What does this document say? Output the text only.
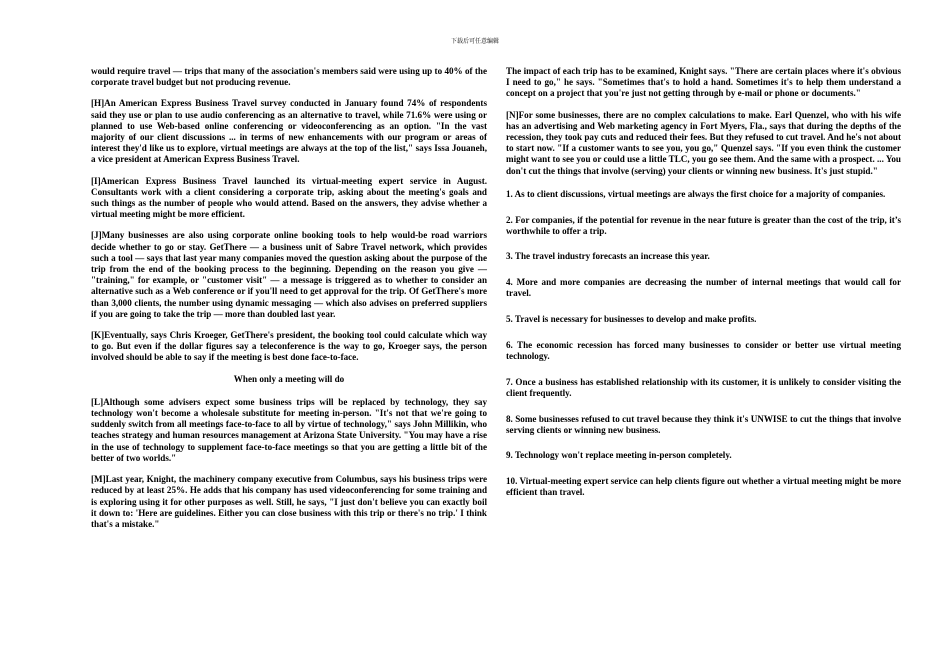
下载后可任意编辑

would require travel — trips that many of the association's members said were using up to 40% of the corporate travel budget but not producing revenue.

[H]An American Express Business Travel survey conducted in January found 74% of respondents said they use or plan to use audio conferencing as an alternative to travel, while 71.6% were using or planned to use Web-based online conferencing or videoconferencing as an option. "In the vast majority of our client discussions ... in terms of new enhancements with our program or areas of interest they'd like us to explore, virtual meetings are always at the top of the list," says Issa Jouaneh, a vice president at American Express Business Travel.

[I]American Express Business Travel launched its virtual-meeting expert service in August. Consultants work with a client considering a corporate trip, asking about the meeting's goals and such things as the number of people who would attend. Based on the answers, they advise whether a virtual meeting might be more efficient.

[J]Many businesses are also using corporate online booking tools to help would-be road warriors decide whether to go or stay. GetThere — a business unit of Sabre Travel network, which provides such a tool — says that last year many companies moved the question asking about the purpose of the trip from the end of the booking process to the beginning. Depending on the reason you give — "training," for example, or "customer visit" — a message is triggered as to whether to consider an alternative such as a Web conference or if you'll need to get approval for the trip. Of GetThere's more than 3,000 clients, the number using dynamic messaging — which also advises on preferred suppliers if you are going to take the trip — more than doubled last year.

[K]Eventually, says Chris Kroeger, GetThere's president, the booking tool could calculate which way to go. But even if the dollar figures say a teleconference is the way to go, Kroeger says, the person involved should be able to say if the meeting is best done face-to-face.

When only a meeting will do

[L]Although some advisers expect some business trips will be replaced by technology, they say technology won't become a wholesale substitute for meeting in-person. "It's not that we're going to suddenly switch from all meetings face-to-face to all by virtue of technology," says John Millikin, who teaches strategy and human resources management at Arizona State University. "You may have a rise in the use of technology to supplement face-to-face meetings so that you are getting a little bit of the better of two worlds."

[M]Last year, Knight, the machinery company executive from Columbus, says his business trips were reduced by at least 25%. He adds that his company has used videoconferencing for some training and is exploring using it for other purposes as well. Still, he says, "I just don't believe you can exactly boil it down to: 'Here are guidelines. Either you can close business with this trip or there's no trip.' I think that's a mistake."

The impact of each trip has to be examined, Knight says. "There are certain places where it's obvious I need to go," he says. "Sometimes that's to hold a hand. Sometimes it's to help them understand a concept on a project that you're just not getting through by e-mail or phone or documents."

[N]For some businesses, there are no complex calculations to make. Earl Quenzel, who with his wife has an advertising and Web marketing agency in Fort Myers, Fla., says that during the depths of the recession, they took pay cuts and reduced their fees. But they refused to cut travel. And he's not about to start now. "If a customer wants to see you, you go," Quenzel says. "If you even think the customer might want to see you or could use a little TLC, you go see them. And the same with a prospect. ... You don't cut the things that involve (serving) your clients or winning new business. It's just stupid."

1. As to client discussions, virtual meetings are always the first choice for a majority of companies.

2. For companies, if the potential for revenue in the near future is greater than the cost of the trip, it’s worthwhile to offer a trip.

3. The travel industry forecasts an increase this year.

4. More and more companies are decreasing the number of internal meetings that would call for travel.

5. Travel is necessary for businesses to develop and make profits.

6. The economic recession has forced many businesses to consider or better use virtual meeting technology.

7. Once a business has established relationship with its customer, it is unlikely to consider visiting the client frequently.

8. Some businesses refused to cut travel because they think it's UNWISE to cut the things that involve serving clients or winning new business.

9. Technology won't replace meeting in-person completely.

10. Virtual-meeting expert service can help clients figure out whether a virtual meeting might be more efficient than travel.
